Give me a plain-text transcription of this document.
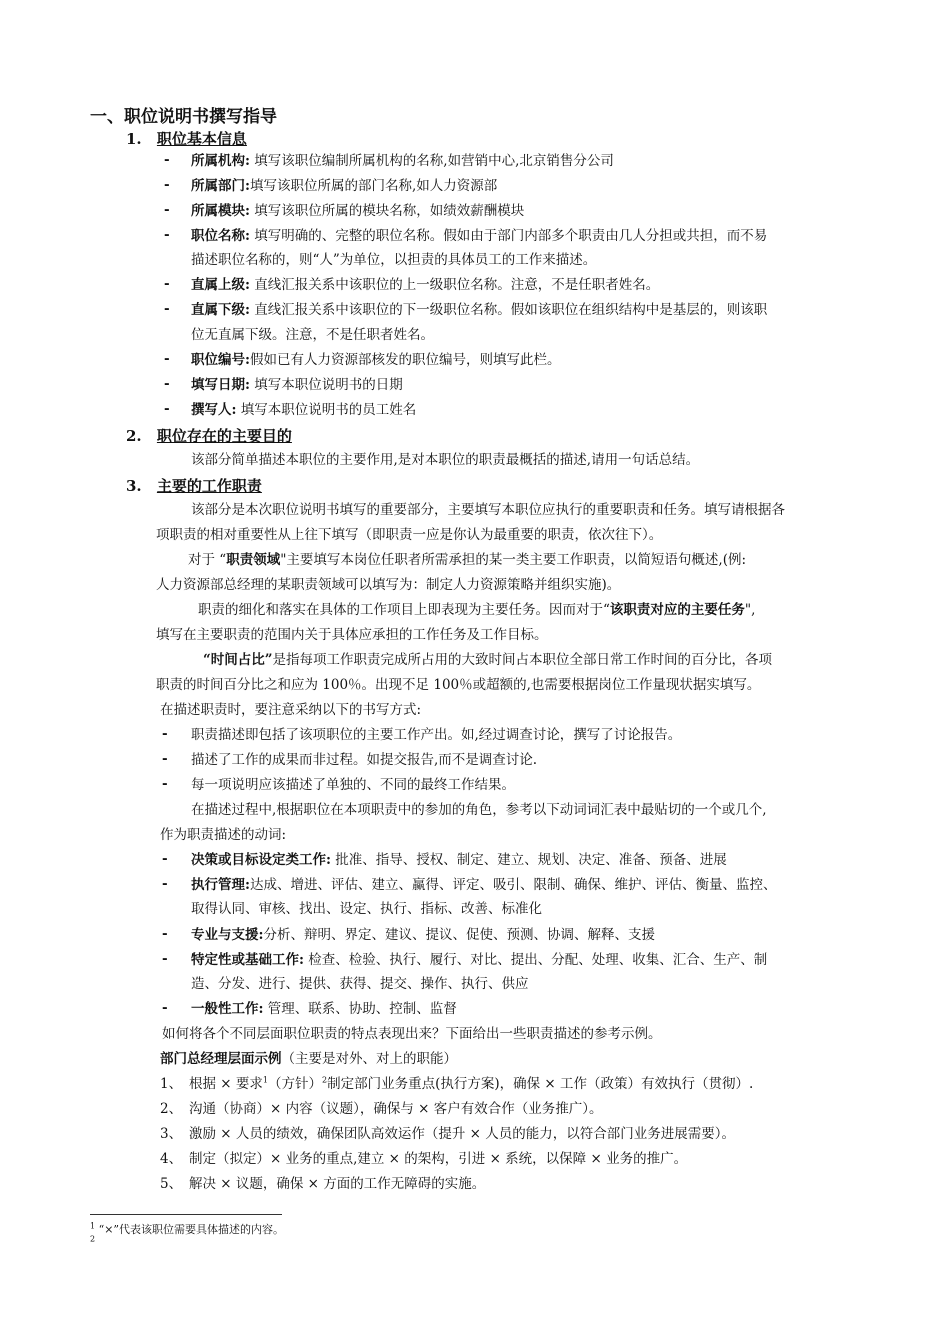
一、职位说明书撰写指导
1. 职位基本信息
- 所属机构: 填写该职位编制所属机构的名称,如营销中心,北京销售分公司
- 所属部门:填写该职位所属的部门名称,如人力资源部
- 所属模块: 填写该职位所属的模块名称，如绩效薪酬模块
- 职位名称: 填写明确的、完整的职位名称。假如由于部门内部多个职责由几人分担或共担，而不易
描述职位名称的，则“人”为单位，以担责的具体员工的工作来描述。
- 直属上级: 直线汇报关系中该职位的上一级职位名称。注意，不是任职者姓名。
- 直属下级: 直线汇报关系中该职位的下一级职位名称。假如该职位在组织结构中是基层的，则该职
位无直属下级。注意，不是任职者姓名。
- 职位编号:假如已有人力资源部核发的职位编号，则填写此栏。
- 填写日期: 填写本职位说明书的日期
- 撰写人: 填写本职位说明书的员工姓名
2. 职位存在的主要目的
该部分简单描述本职位的主要作用,是对本职位的职责最概括的描述,请用一句话总结。
3. 主要的工作职责
该部分是本次职位说明书填写的重要部分，主要填写本职位应执行的重要职责和任务。填写请根据各
项职责的相对重要性从上往下填写（即职责一应是你认为最重要的职责，依次往下）。
对于 “职责领域"主要填写本岗位任职者所需承担的某一类主要工作职责，以简短语句概述,(例:
人力资源部总经理的某职责领域可以填写为：制定人力资源策略并组织实施)。
职责的细化和落实在具体的工作项目上即表现为主要任务。因而对于“该职责对应的主要任务",
填写在主要职责的范围内关于具体应承担的工作任务及工作目标。
“时间占比”是指每项工作职责完成所占用的大致时间占本职位全部日常工作时间的百分比，各项
职责的时间百分比之和应为 100％。出现不足 100％或超额的,也需要根据岗位工作量现状据实填写。
在描述职责时，要注意采纳以下的书写方式:
- 职责描述即包括了该项职位的主要工作产出。如,经过调查讨论，撰写了讨论报告。
- 描述了工作的成果而非过程。如提交报告,而不是调查讨论.
- 每一项说明应该描述了单独的、不同的最终工作结果。
在描述过程中,根据职位在本项职责中的参加的角色，参考以下动词词汇表中最贴切的一个或几个,
作为职责描述的动词:
- 决策或目标设定类工作: 批准、指导、授权、制定、建立、规划、决定、准备、预备、进展
- 执行管理:达成、增进、评估、建立、赢得、评定、吸引、限制、确保、维护、评估、衡量、监控、
取得认同、审核、找出、设定、执行、指标、改善、标准化
- 专业与支援:分析、辩明、界定、建议、提议、促使、预测、协调、解释、支援
- 特定性或基础工作: 检查、检验、执行、履行、对比、提出、分配、处理、收集、汇合、生产、制
造、分发、进行、提供、获得、提交、操作、执行、供应
- 一般性工作: 管理、联系、协助、控制、监督
如何将各个不同层面职位职责的特点表现出来？下面给出一些职责描述的参考示例。
部门总经理层面示例（主要是对外、对上的职能）
1、 根据 × 要求$^1$（方针）$^2$制定部门业务重点(执行方案)，确保 × 工作（政策）有效执行（贯彻）.
2、 沟通（协商）× 内容（议题），确保与 × 客户有效合作（业务推广）。
3、 激励 × 人员的绩效，确保团队高效运作（提升 × 人员的能力，以符合部门业务进展需要）。
4、 制定（拟定）× 业务的重点,建立 × 的架构，引进 × 系统，以保障 × 业务的推广。
5、 解决 × 议题，确保 × 方面的工作无障碍的实施。
$^1$ “×”代表该职位需要具体描述的内容。
$^2$
